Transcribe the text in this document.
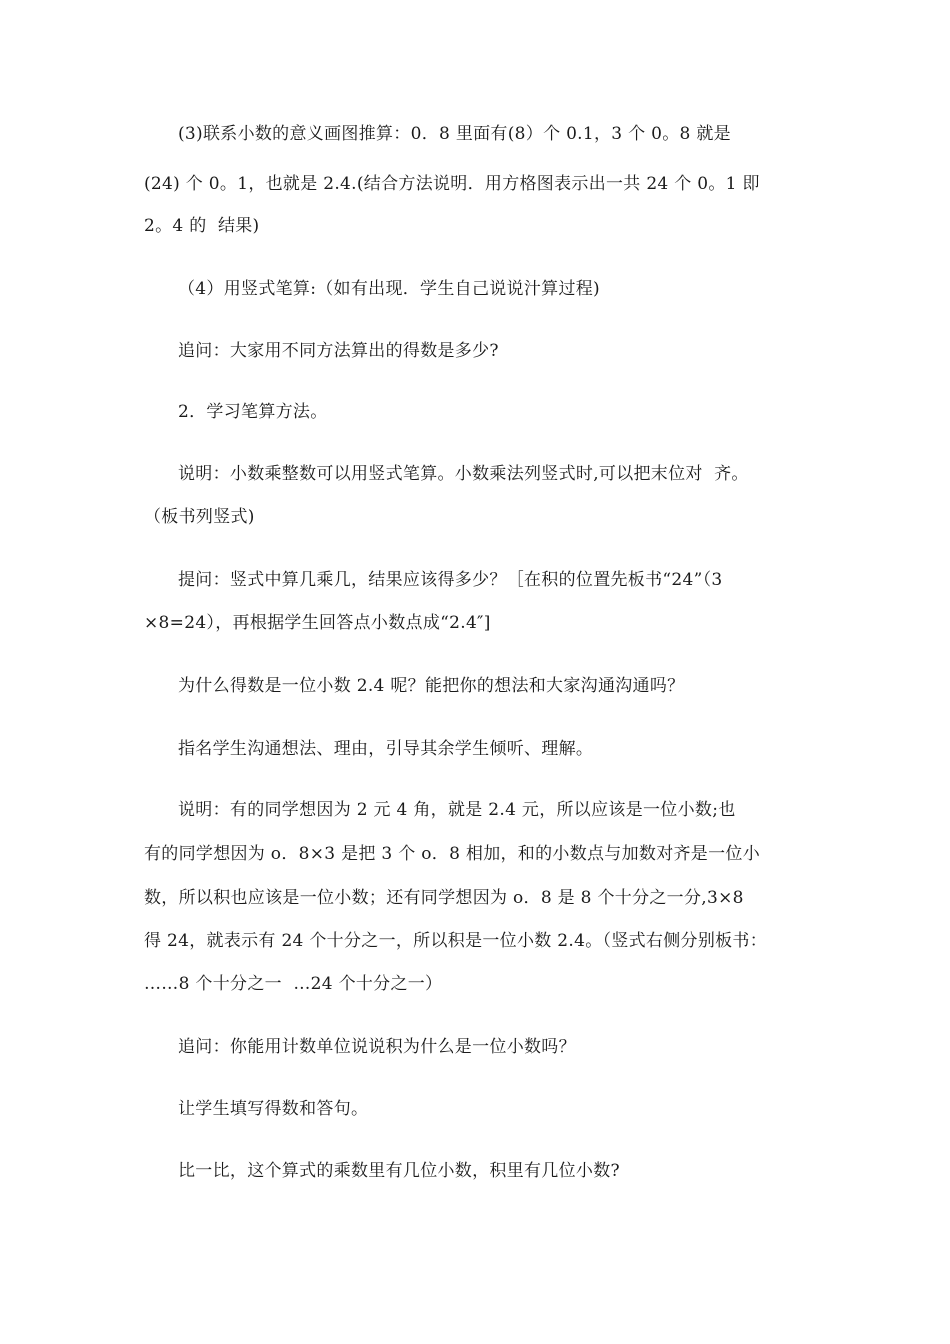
(3)联系小数的意义画图推算：0．8 里面有(8）个 0.1，3 个 0。8 就是
(24) 个 0。1，也就是 2.4.(结合方法说明．用方格图表示出一共 24 个 0。1 即
2。4 的  结果)
（4）用竖式笔算:（如有出现．学生自己说说汁算过程)
追问：大家用不同方法算出的得数是多少?
2．学习笔算方法。
说明：小数乘整数可以用竖式笔算。小数乘法列竖式时,可以把末位对  齐。
（板书列竖式)
提问：竖式中算几乘几，结果应该得多少？［在积的位置先板书“24”（3
×8=24），再根据学生回答点小数点成“2.4″]
为什么得数是一位小数 2.4 呢？能把你的想法和大家沟通沟通吗？
指名学生沟通想法、理由，引导其余学生倾听、理解。
说明：有的同学想因为 2 元 4 角，就是 2.4 元，所以应该是一位小数;也
有的同学想因为 o．8×3 是把 3 个 o．8 相加，和的小数点与加数对齐是一位小
数，所以积也应该是一位小数；还有同学想因为 o．8 是 8 个十分之一分,3×8
得 24，就表示有 24 个十分之一，所以积是一位小数 2.4。（竖式右侧分别板书：
……8 个十分之一  …24 个十分之一）
追问：你能用计数单位说说积为什么是一位小数吗？
让学生填写得数和答句。
比一比，这个算式的乘数里有几位小数，积里有几位小数?
